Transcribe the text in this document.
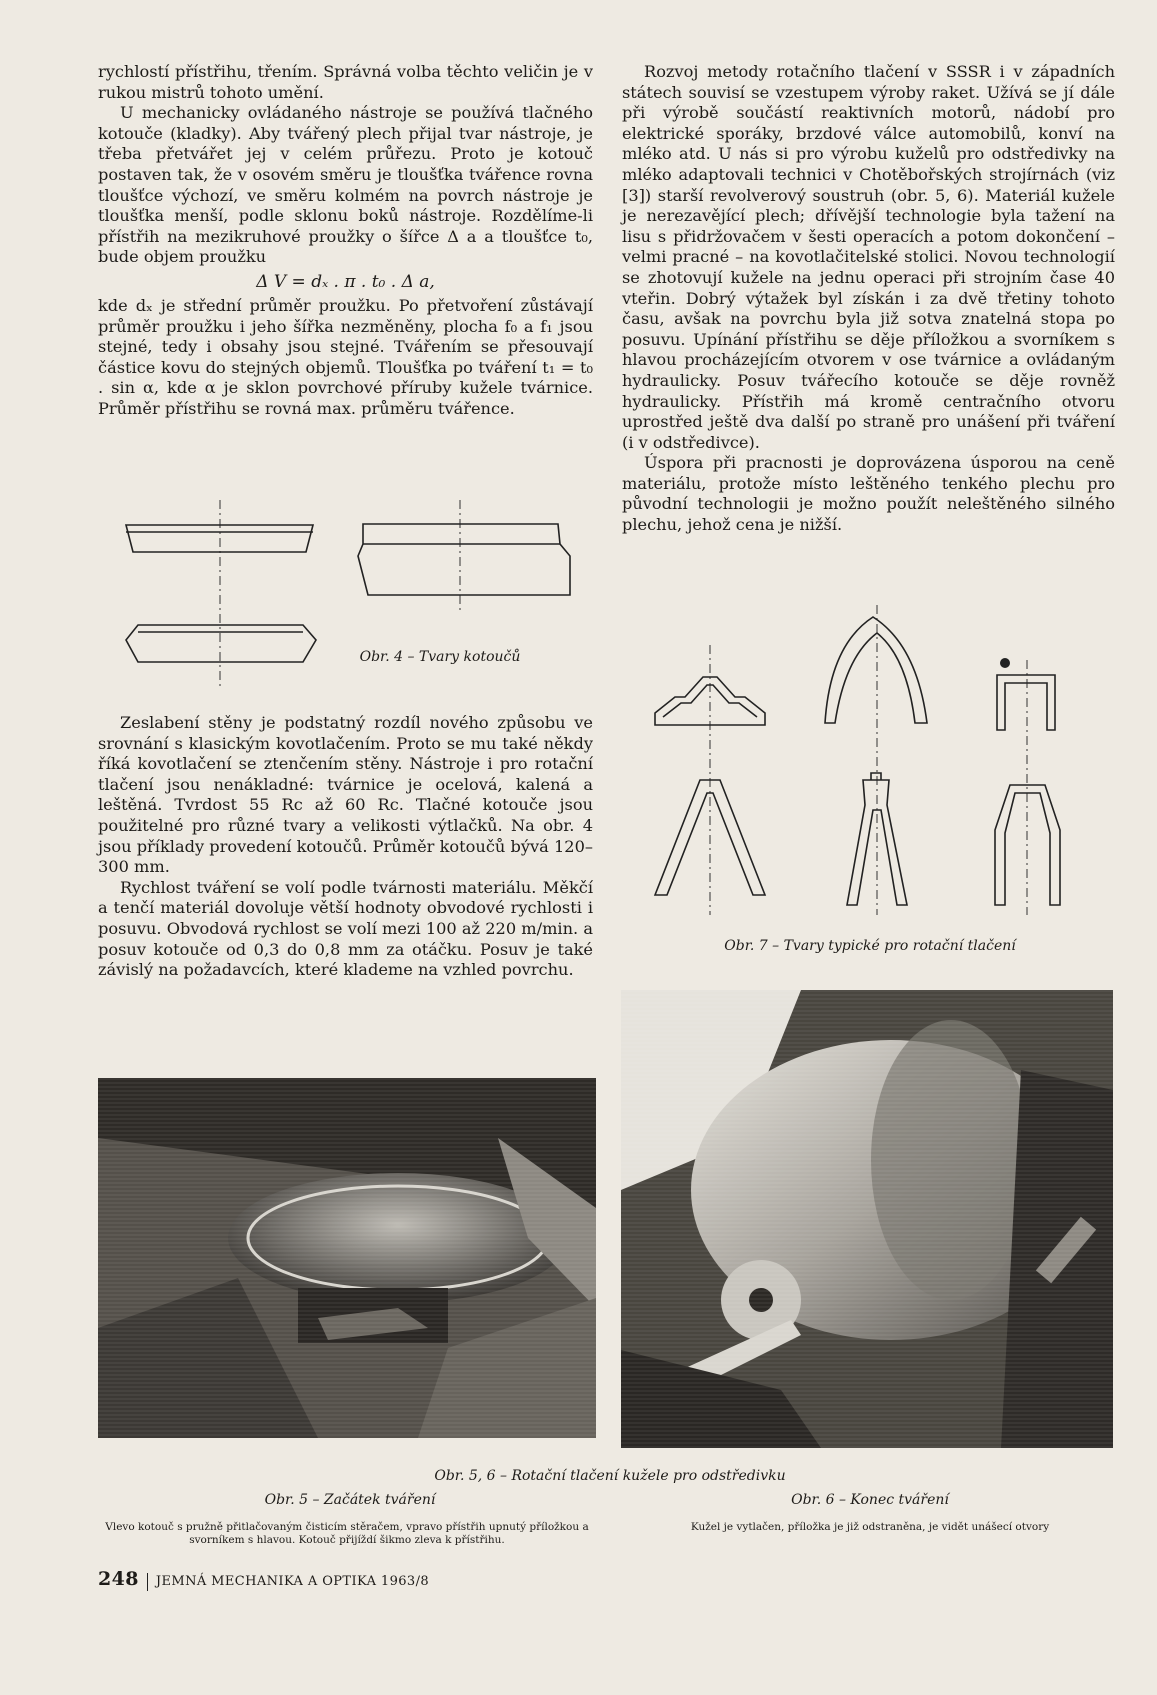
rychlostí přístřihu, třením. Správná volba těchto veličin je v rukou mistrů tohoto umění.

U mechanicky ovládaného nástroje se používá tlačného kotouče (kladky). Aby tvářený plech přijal tvar nástroje, je třeba přetvářet jej v celém průřezu. Proto je kotouč postaven tak, že v osovém směru je tloušťka tvářence rovna tloušťce výchozí, ve směru kolmém na povrch nástroje je tloušťka menší, podle sklonu boků nástroje. Rozdělíme-li přístřih na mezikruhové proužky o šířce Δ a a tloušťce t₀, bude objem proužku

Δ V = dₓ . π . t₀ . Δ a,

kde dₓ je střední průměr proužku. Po přetvoření zůstávají průměr proužku i jeho šířka nezměněny, plocha f₀ a f₁ jsou stejné, tedy i obsahy jsou stejné. Tvářením se přesouvají částice kovu do stejných objemů. Tloušťka po tváření t₁ = t₀ . sin α, kde α je sklon povrchové příruby kužele tvárnice. Průměr přístřihu se rovná max. průměru tvářence.

Obr. 4 – Tvary kotoučů

Zeslabení stěny je podstatný rozdíl nového způsobu ve srovnání s klasickým kovotlačením. Proto se mu také někdy říká kovotlačení se ztenčením stěny. Nástroje i pro rotační tlačení jsou nenákladné: tvárnice je ocelová, kalená a leštěná. Tvrdost 55 Rc až 60 Rc. Tlačné kotouče jsou použitelné pro různé tvary a velikosti výtlačků. Na obr. 4 jsou příklady provedení kotoučů. Průměr kotoučů bývá 120–300 mm.

Rychlost tváření se volí podle tvárnosti materiálu. Měkčí a tenčí materiál dovoluje větší hodnoty obvodové rychlosti i posuvu. Obvodová rychlost se volí mezi 100 až 220 m/min. a posuv kotouče od 0,3 do 0,8 mm za otáčku. Posuv je také závislý na požadavcích, které klademe na vzhled povrchu.

Rozvoj metody rotačního tlačení v SSSR i v západních státech souvisí se vzestupem výroby raket. Užívá se jí dále při výrobě součástí reaktivních motorů, nádobí pro elektrické sporáky, brzdové válce automobilů, konví na mléko atd. U nás si pro výrobu kuželů pro odstředivky na mléko adaptovali technici v Chotěbořských strojírnách (viz [3]) starší revolverový soustruh (obr. 5, 6). Materiál kužele je nerezavějící plech; dřívější technologie byla tažení na lisu s přidržovačem v šesti operacích a potom dokončení – velmi pracné – na kovotlačitelské stolici. Novou technologií se zhotovují kužele na jednu operaci při strojním čase 40 vteřin. Dobrý výtažek byl získán i za dvě třetiny tohoto času, avšak na povrchu byla již sotva znatelná stopa po posuvu. Upínání přístřihu se děje příložkou a svorníkem s hlavou procházejícím otvorem v ose tvárnice a ovládaným hydraulicky. Posuv tvářecího kotouče se děje rovněž hydraulicky. Přístřih má kromě centračního otvoru uprostřed ještě dva další po straně pro unášení při tváření (i v odstředivce).

Úspora při pracnosti je doprovázena úsporou na ceně materiálu, protože místo leštěného tenkého plechu pro původní technologii je možno použít neleštěného silného plechu, jehož cena je nižší.

Obr. 7 – Tvary typické pro rotační tlačení
Obr. 5, 6 – Rotační tlačení kužele pro odstředivku
Obr. 5 – Začátek tváření	Obr. 6 – Konec tváření
Vlevo kotouč s pružně přitlačovaným čisticím stěračem, vpravo přístřih upnutý příložkou a svorníkem s hlavou. Kotouč přijíždí šikmo zleva k přístřihu.
Kužel je vytlačen, příložka je již odstraněna, je vidět unášecí otvory
248 JEMNÁ MECHANIKA A OPTIKA 1963/8
